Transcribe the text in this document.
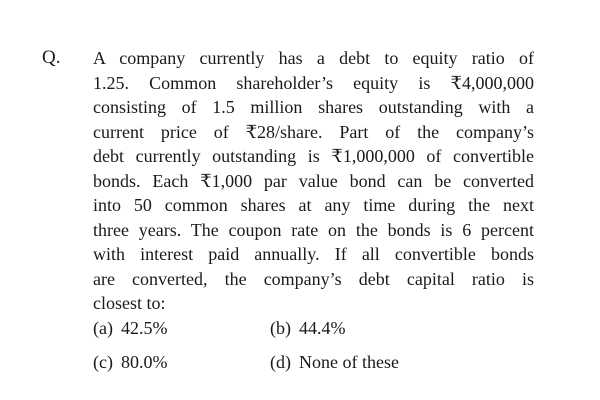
Q. A company currently has a debt to equity ratio of
1.25. Common shareholder’s equity is ₹4,000,000
consisting of 1.5 million shares outstanding with a
current price of ₹28/share. Part of the company’s
debt currently outstanding is ₹1,000,000 of convertible
bonds. Each ₹1,000 par value bond can be converted
into 50 common shares at any time during the next
three years. The coupon rate on the bonds is 6 percent
with interest paid annually. If all convertible bonds
are converted, the company’s debt capital ratio is
closest to:
(a) 42.5%	(b) 44.4%
(c) 80.0%	(d) None of these
